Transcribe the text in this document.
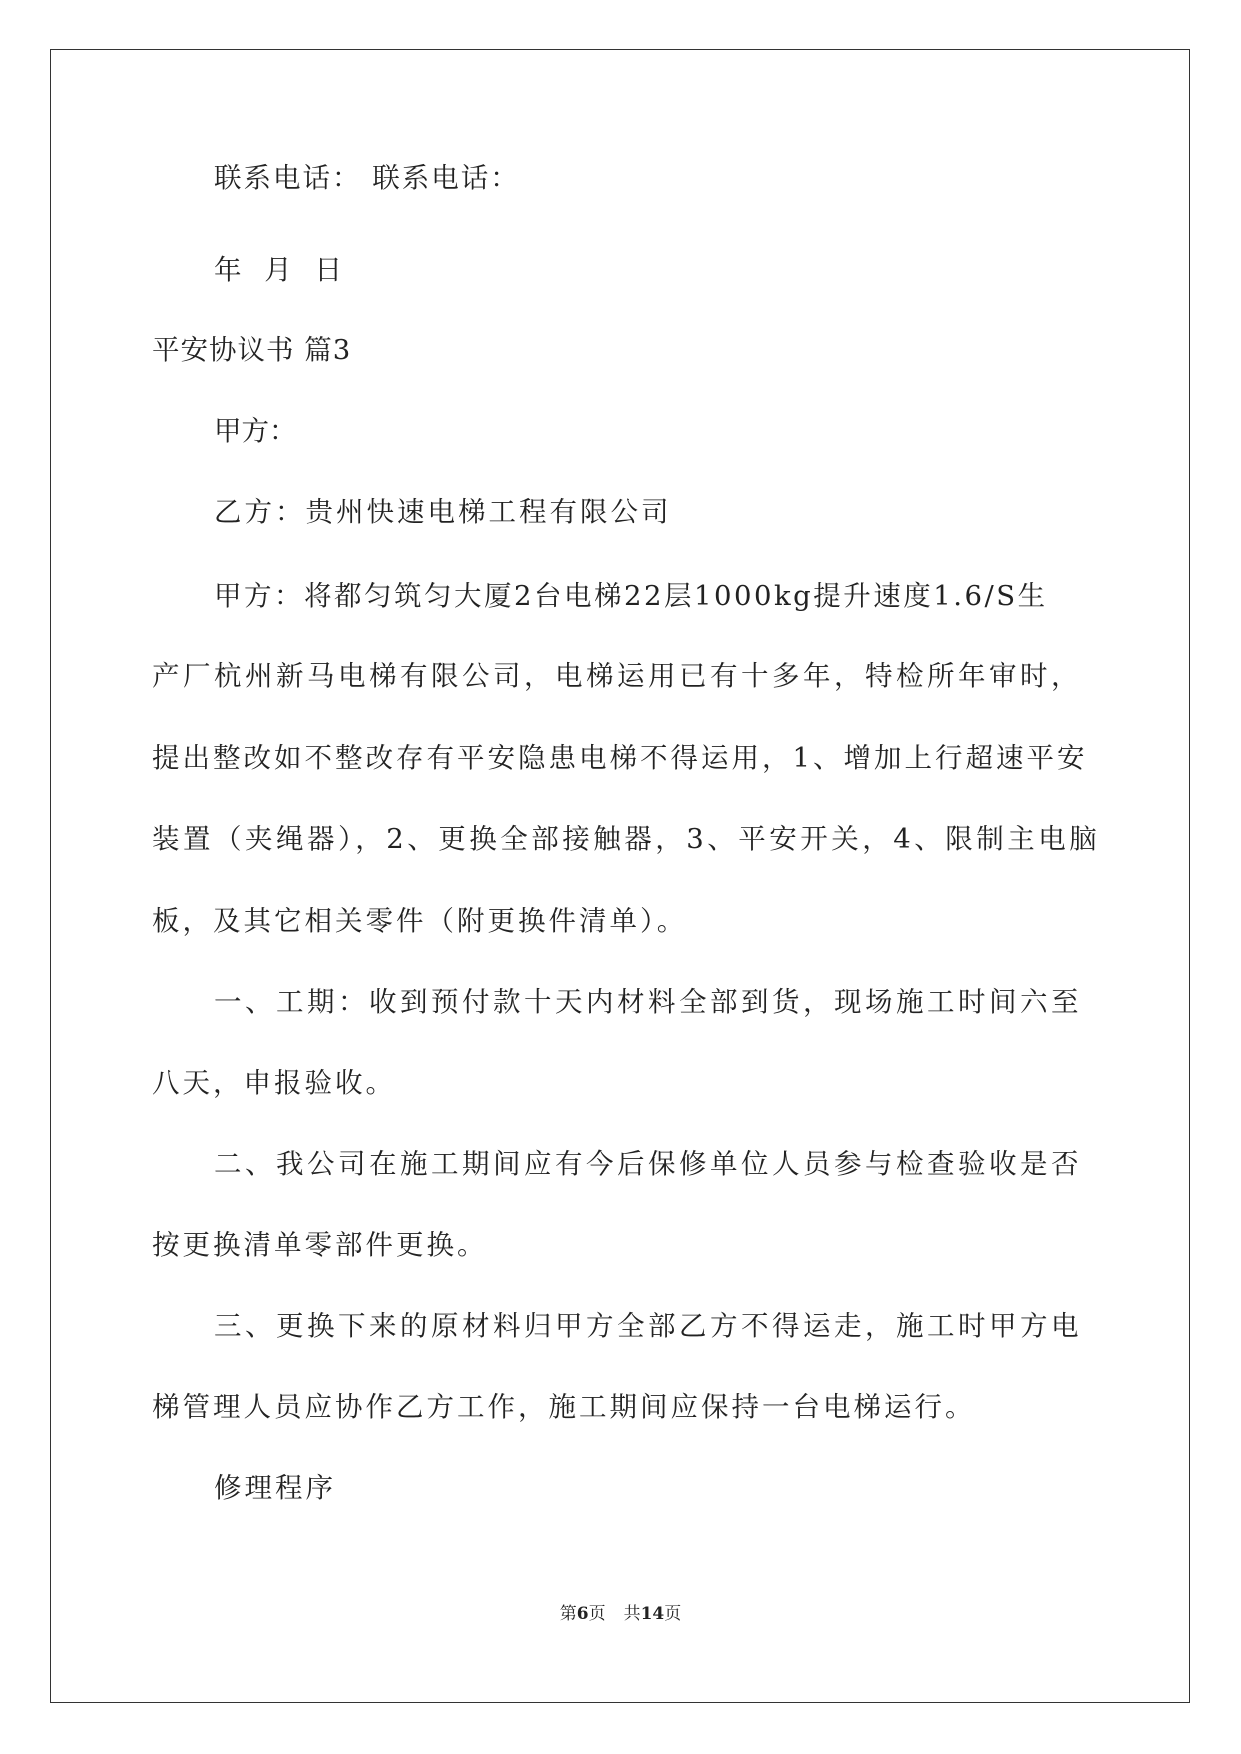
联系电话： 联系电话：
年 月 日
平安协议书 篇3
甲方：
乙方：贵州快速电梯工程有限公司
甲方：将都匀筑匀大厦2台电梯22层1000kg提升速度1.6/S生
产厂杭州新马电梯有限公司，电梯运用已有十多年，特检所年审时，
提出整改如不整改存有平安隐患电梯不得运用，1、增加上行超速平安
装置（夹绳器），2、更换全部接触器，3、平安开关，4、限制主电脑
板，及其它相关零件（附更换件清单）。
一、工期：收到预付款十天内材料全部到货，现场施工时间六至
八天，申报验收。
二、我公司在施工期间应有今后保修单位人员参与检查验收是否
按更换清单零部件更换。
三、更换下来的原材料归甲方全部乙方不得运走，施工时甲方电
梯管理人员应协作乙方工作，施工期间应保持一台电梯运行。
修理程序
第6页 共14页
